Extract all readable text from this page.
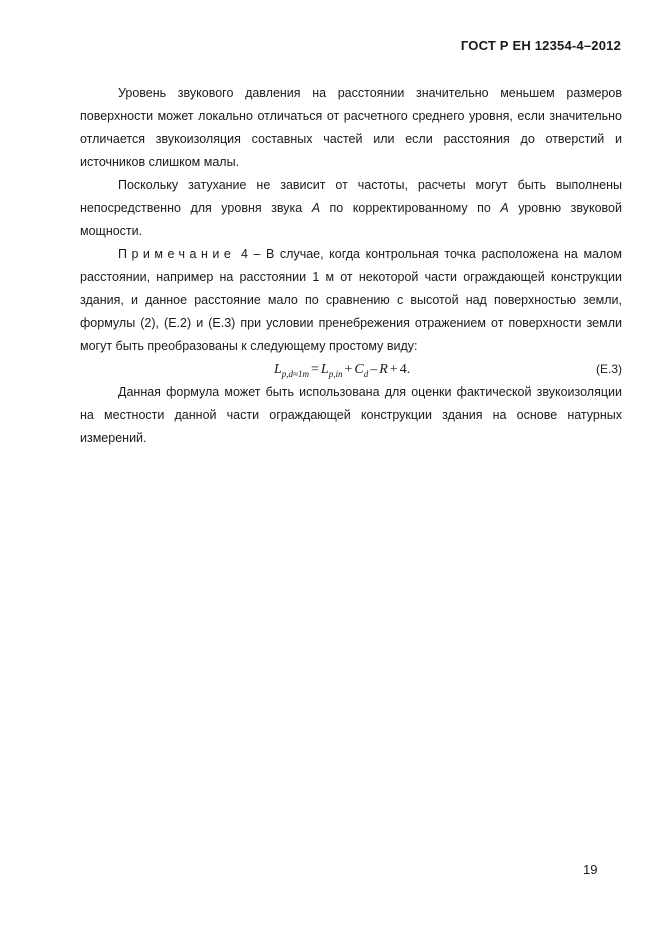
ГОСТ Р ЕН 12354-4–2012

Уровень звукового давления на расстоянии значительно меньшем размеров поверхности может локально отличаться от расчетного среднего уровня, если значительно отличается звукоизоляция составных частей или если расстояния до отверстий и источников слишком малы.

Поскольку затухание не зависит от частоты, расчеты могут быть выполнены непосредственно для уровня звука A по корректированному по A уровню звуковой мощности.

Примечание 4 – В случае, когда контрольная точка расположена на малом расстоянии, например на расстоянии 1 м от некоторой части ограждающей конструкции здания, и данное расстояние мало по сравнению с высотой над поверхностью земли, формулы (2), (Е.2) и (Е.3) при условии пренебрежения отражением от поверхности земли могут быть преобразованы к следующему простому виду:

$L_{p,d\approx 1m} = L_{p,in} + C_d - R + 4$.	(Е.3)

Данная формула может быть использована для оценки фактической звукоизоляции на местности данной части ограждающей конструкции здания на основе натурных измерений.

19
